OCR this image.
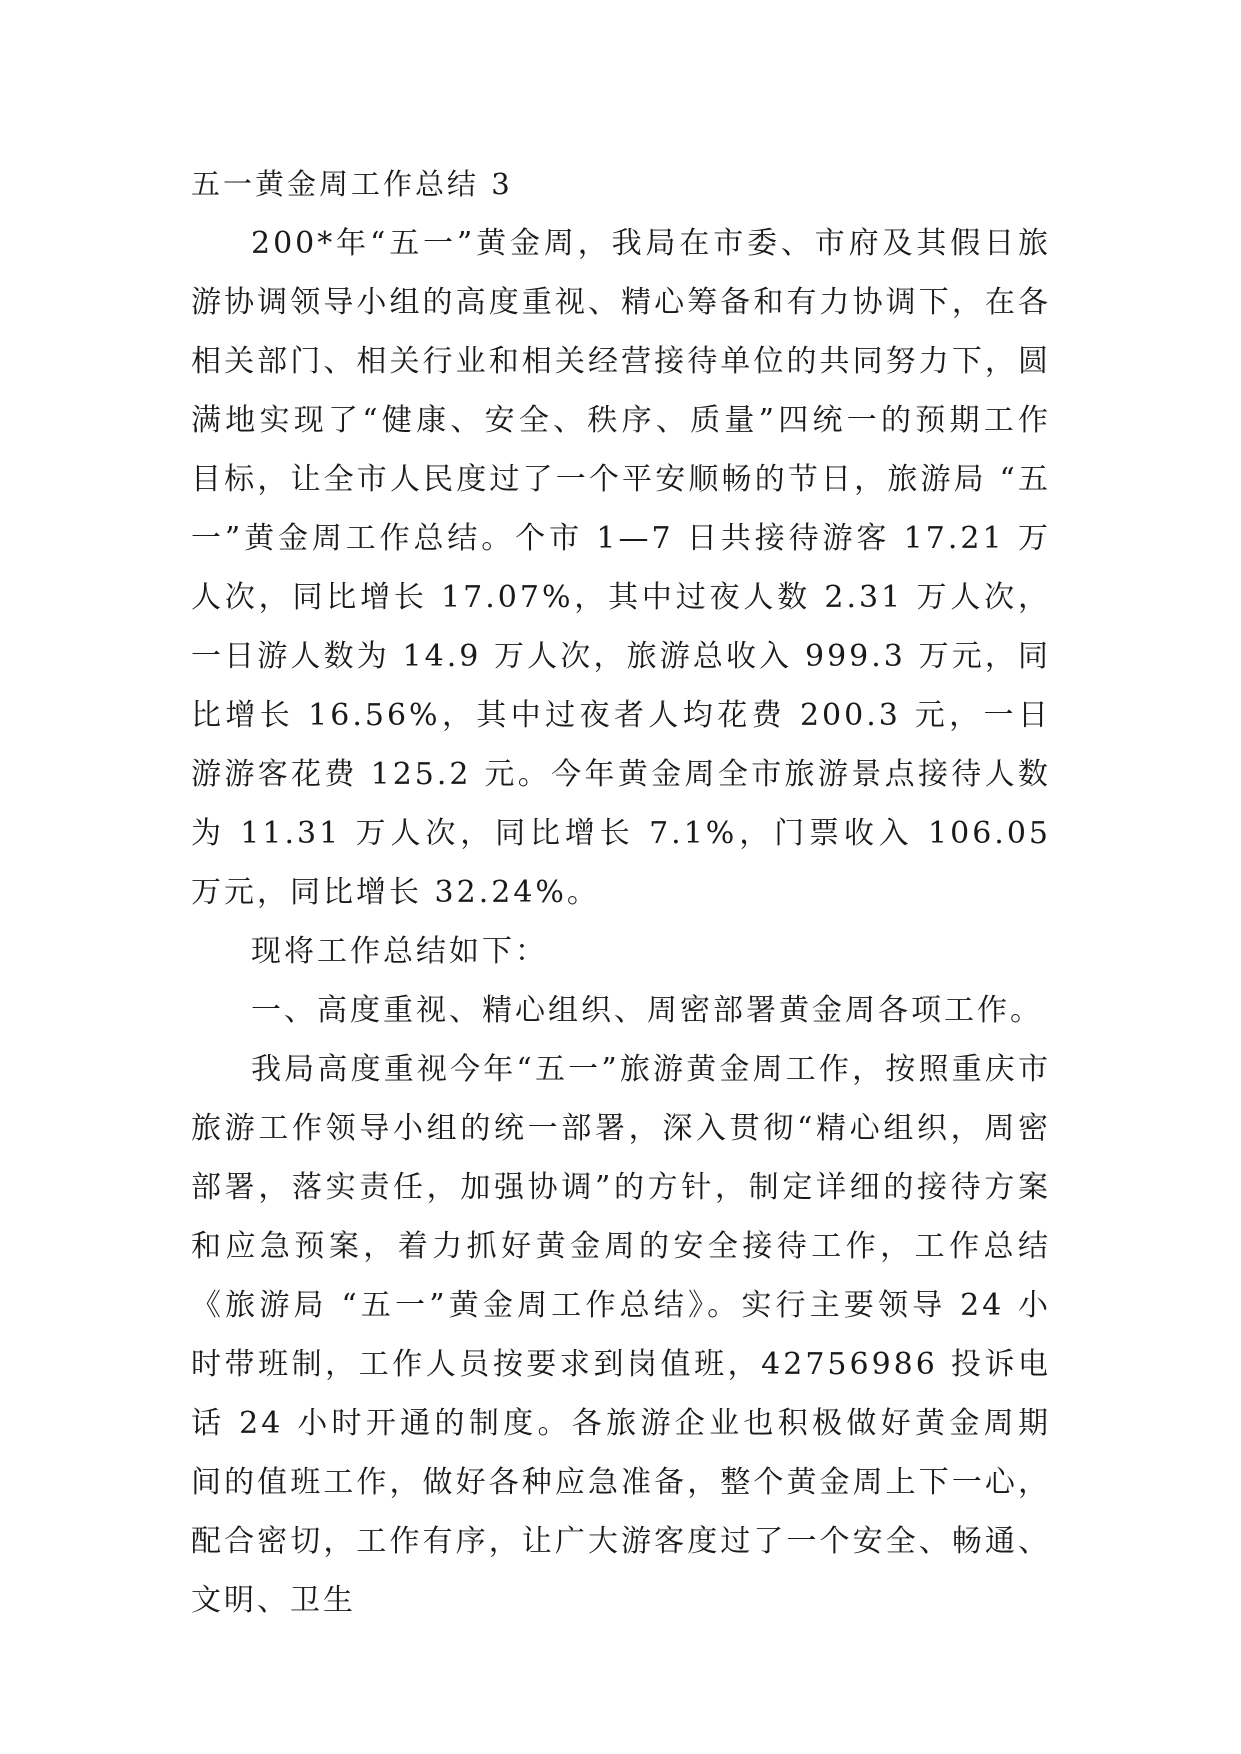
五一黄金周工作总结 3

200*年“五一”黄金周，我局在市委、市府及其假日旅游协调领导小组的高度重视、精心筹备和有力协调下，在各相关部门、相关行业和相关经营接待单位的共同努力下，圆满地实现了“健康、安全、秩序、质量”四统一的预期工作目标，让全市人民度过了一个平安顺畅的节日，旅游局 “五一”黄金周工作总结。个市 1—7 日共接待游客 17.21 万人次，同比增长 17.07%，其中过夜人数 2.31 万人次，一日游人数为 14.9 万人次，旅游总收入 999.3 万元，同比增长 16.56%，其中过夜者人均花费 200.3 元，一日游游客花费 125.2 元。今年黄金周全市旅游景点接待人数为 11.31 万人次，同比增长 7.1%，门票收入 106.05 万元，同比增长 32.24%。

现将工作总结如下：

一、高度重视、精心组织、周密部署黄金周各项工作。

我局高度重视今年“五一”旅游黄金周工作，按照重庆市旅游工作领导小组的统一部署，深入贯彻“精心组织，周密部署，落实责任，加强协调”的方针，制定详细的接待方案和应急预案，着力抓好黄金周的安全接待工作，工作总结《旅游局 “五一”黄金周工作总结》。实行主要领导 24 小时带班制，工作人员按要求到岗值班，42756986 投诉电话 24 小时开通的制度。各旅游企业也积极做好黄金周期间的值班工作，做好各种应急准备，整个黄金周上下一心，配合密切，工作有序，让广大游客度过了一个安全、畅通、文明、卫生
